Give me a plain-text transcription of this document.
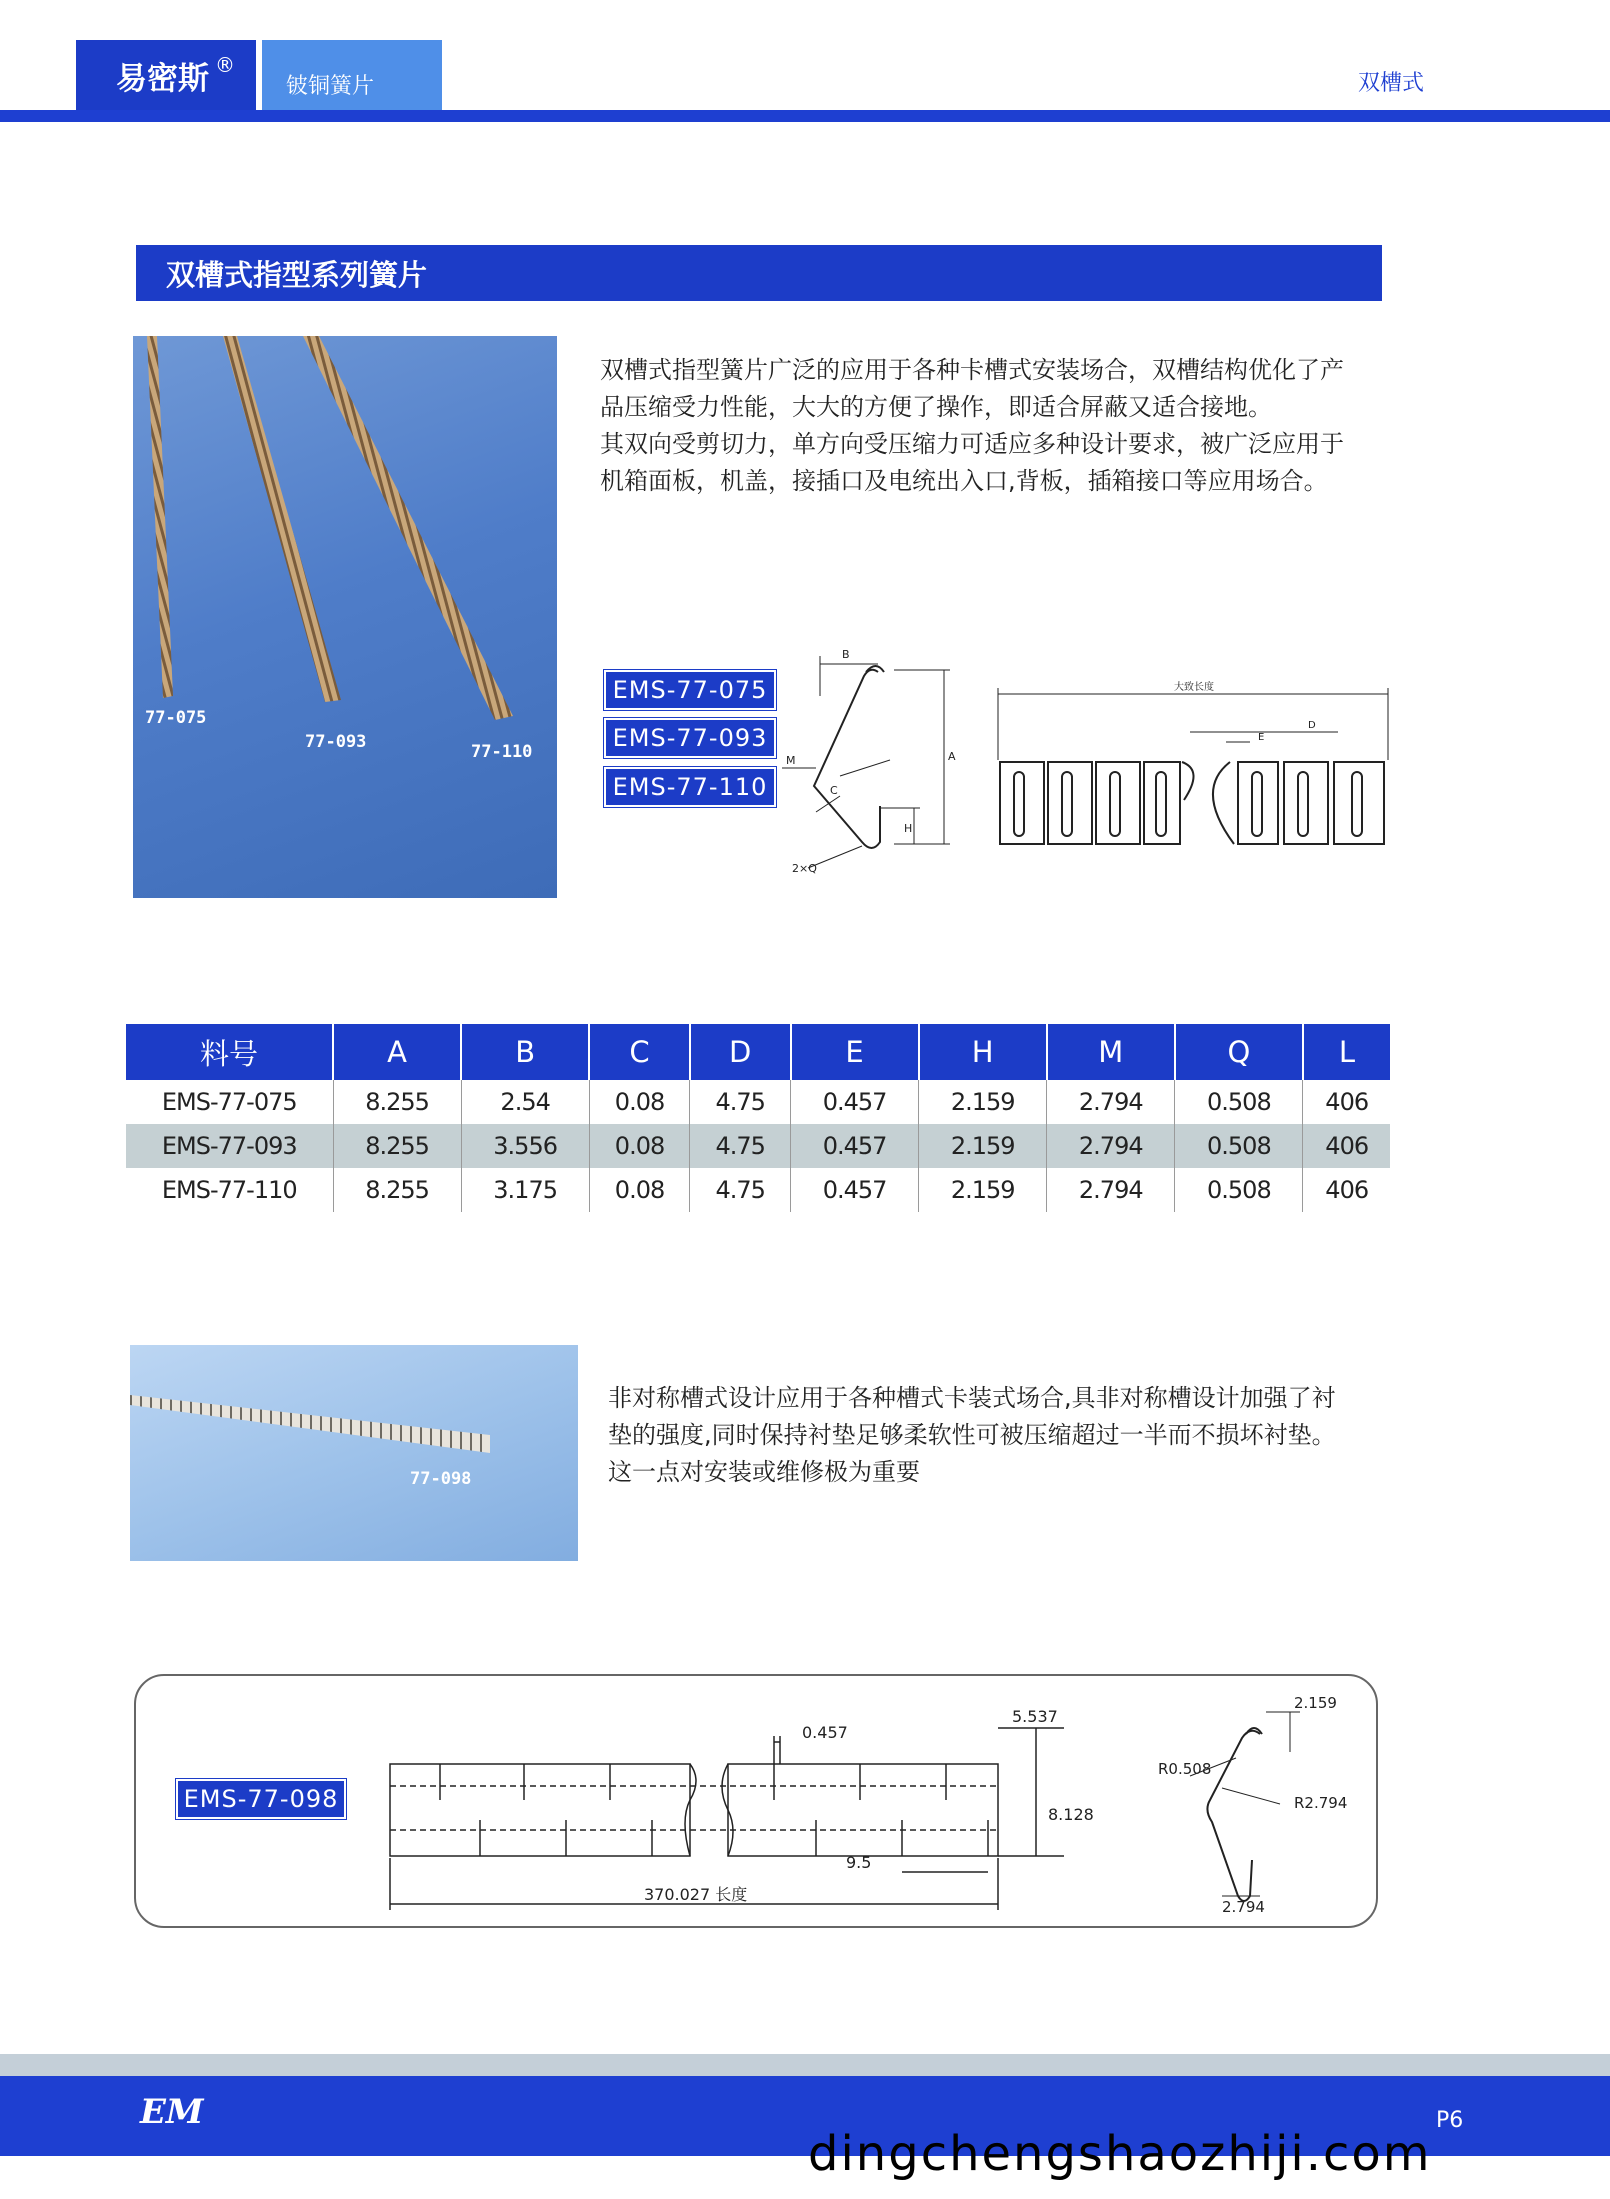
易密斯 ®
铍铜簧片	双槽式
双槽式指型系列簧片
77-075
77-093	77-110
双槽式指型簧片广泛的应用于各种卡槽式安装场合，双槽结构优化了产
品压缩受力性能，大大的方便了操作，即适合屏蔽又适合接地。
其双向受剪切力，单方向受压缩力可适应多种设计要求，被广泛应用于
机箱面板，机盖，接插口及电统出入口,背板，插箱接口等应用场合。
EMS-77-075
EMS-77-093
EMS-77-110
B
A
M
C
H
2×Q
大致长度
D
E
料号	A	B	C	D	E	H	M	Q	L
EMS-77-075	8.255	2.54	0.08	4.75	0.457	2.159	2.794	0.508	406
EMS-77-093	8.255	3.556	0.08	4.75	0.457	2.159	2.794	0.508	406
EMS-77-110	8.255	3.175	0.08	4.75	0.457	2.159	2.794	0.508	406
77-098
非对称槽式设计应用于各种槽式卡装式场合,具非对称槽设计加强了衬
垫的强度,同时保持衬垫足够柔软性可被压缩超过一半而不损坏衬垫。
这一点对安装或维修极为重要
EMS-77-098
0.457
5.537
8.128
9.5
370.027 长度
2.159
R0.508
R2.794
2.794
EM	P6
dingchengshaozhiji.com
